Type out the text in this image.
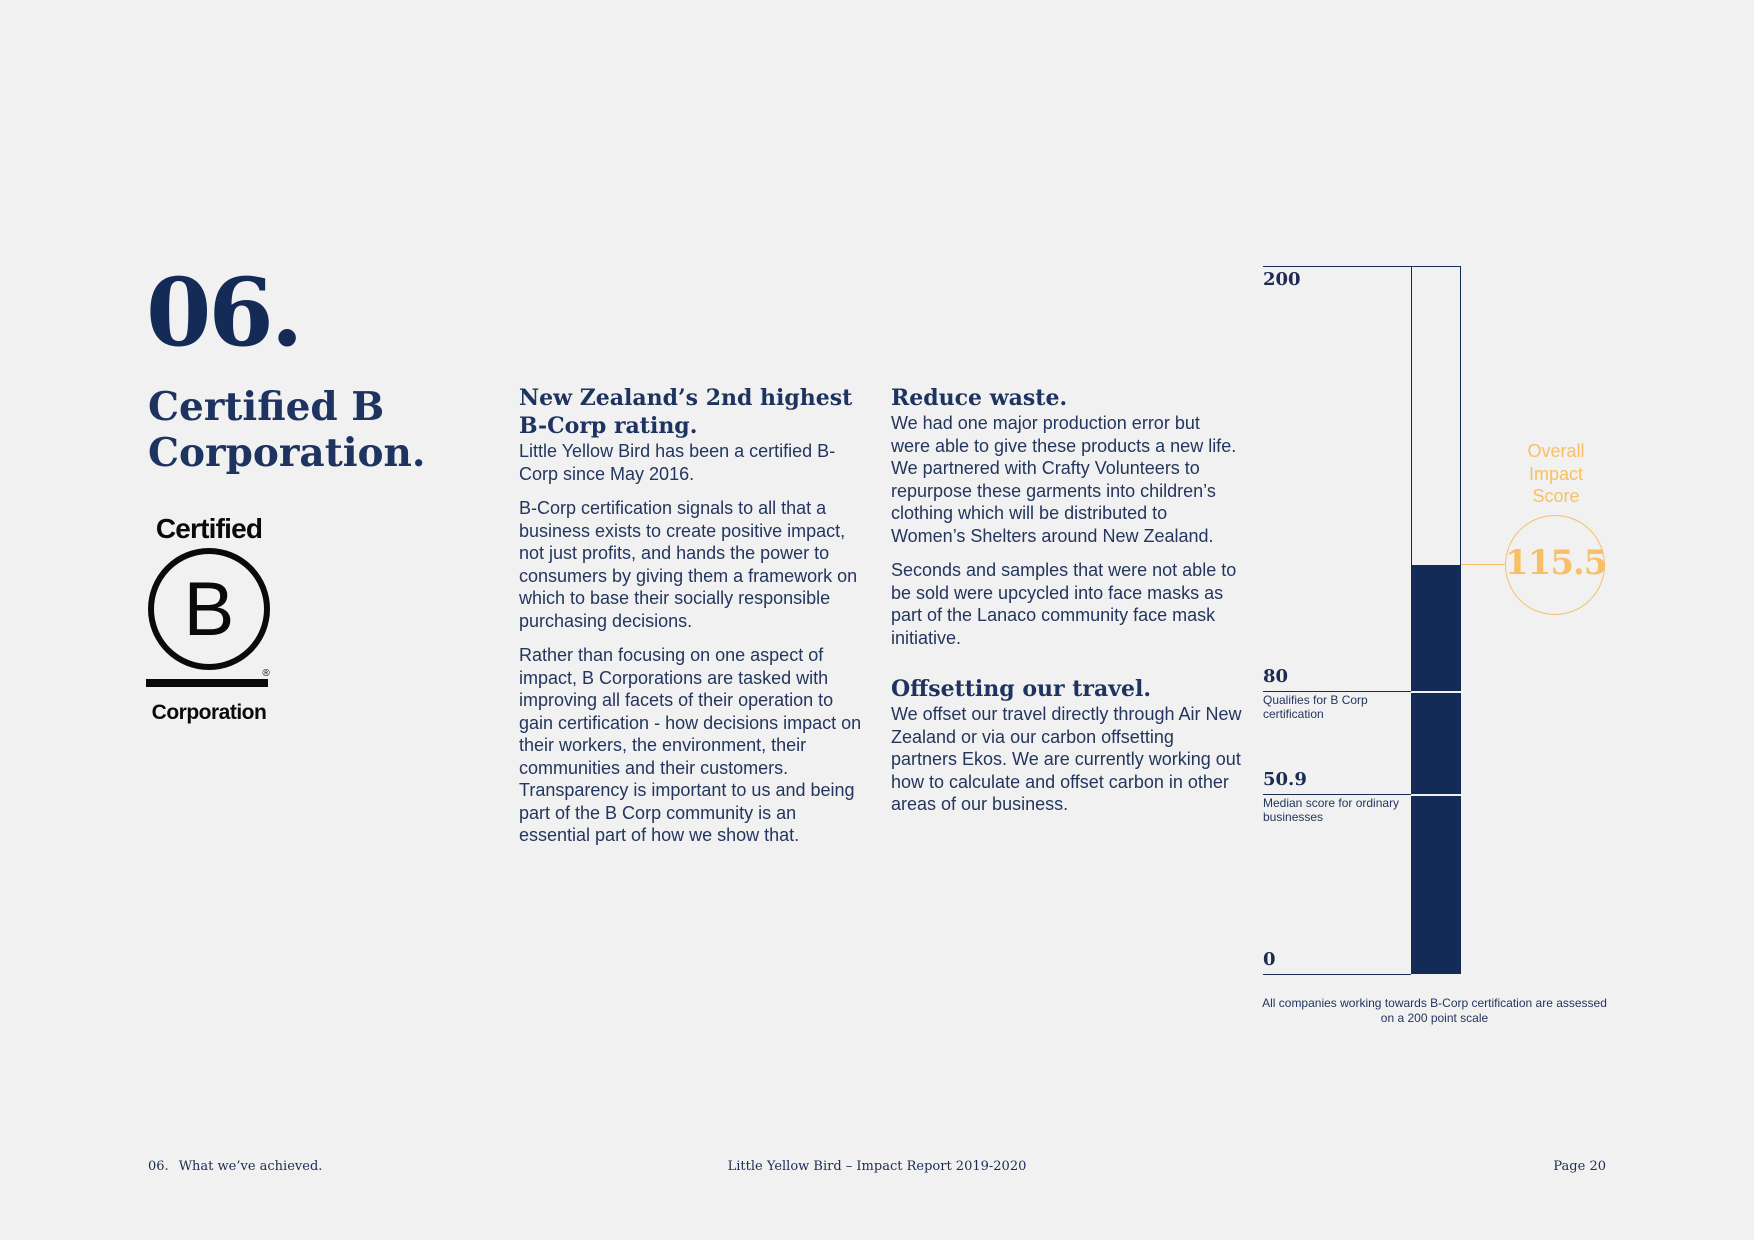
06.
Certified B
Corporation.
Certified
B
®
Corporation
New Zealand’s 2nd highest B-Corp rating.

Little Yellow Bird has been a certified B-Corp since May 2016.

B-Corp certification signals to all that a business exists to create positive impact, not just profits, and hands the power to consumers by giving them a framework on which to base their socially responsible purchasing decisions.

Rather than focusing on one aspect of impact, B Corporations are tasked with improving all facets of their operation to gain certification - how decisions impact on their workers, the environment, their communities and their customers. Transparency is important to us and being part of the B Corp community is an essential part of how we show that.

Reduce waste.

We had one major production error but were able to give these products a new life. We partnered with Crafty Volunteers to repurpose these garments into children’s clothing which will be distributed to Women’s Shelters around New Zealand.

Seconds and samples that were not able to be sold were upcycled into face masks as part of the Lanaco community face mask initiative.

Offsetting our travel.

We offset our travel directly through Air New Zealand or via our carbon offsetting partners Ekos. We are currently working out how to calculate and offset carbon in other areas of our business.

200
80
Qualifies for B Corp certification
50.9
Median score for ordinary businesses
0
Overall
Impact
Score
115.5
All companies working towards B-Corp certification are assessed on a 200 point scale
06. What we’ve achieved.	Little Yellow Bird – Impact Report 2019-2020	Page 20
